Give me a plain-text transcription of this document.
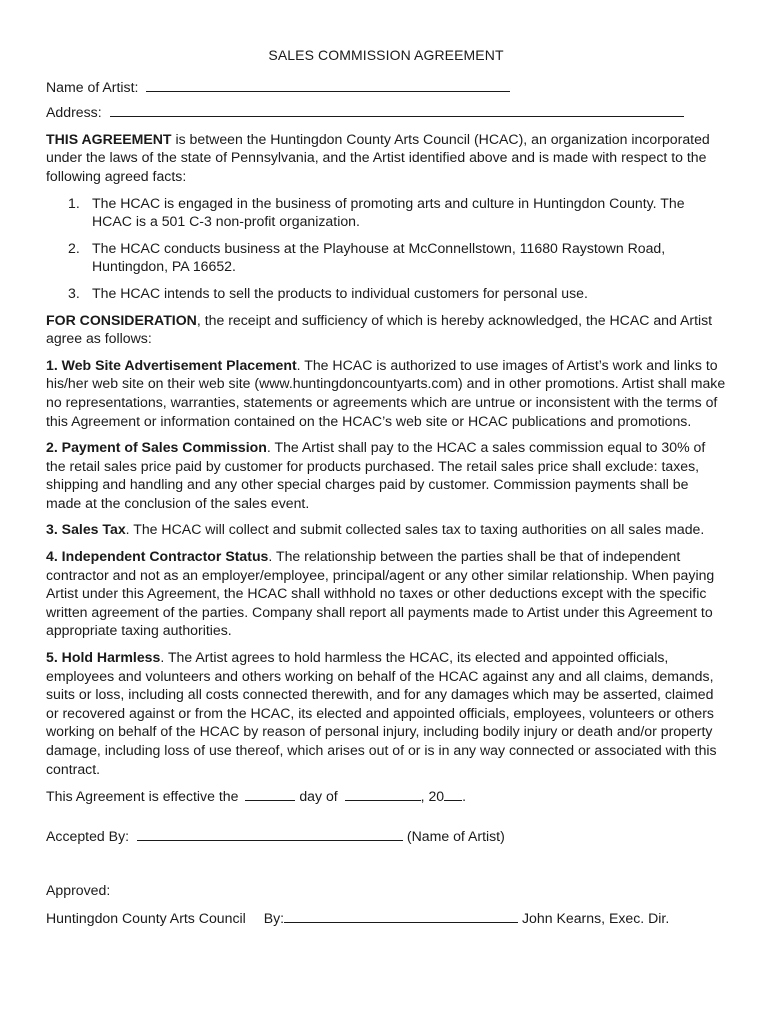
SALES COMMISSION AGREEMENT
Name of Artist:
Address:

THIS AGREEMENT is between the Huntingdon County Arts Council (HCAC), an organization incorporated under the laws of the state of Pennsylvania, and the Artist identified above and is made with respect to the following agreed facts:

1. The HCAC is engaged in the business of promoting arts and culture in Huntingdon County. The HCAC is a 501 C-3 non-profit organization.
2. The HCAC conducts business at the Playhouse at McConnellstown, 11680 Raystown Road, Huntingdon, PA 16652.
3. The HCAC intends to sell the products to individual customers for personal use.

FOR CONSIDERATION, the receipt and sufficiency of which is hereby acknowledged, the HCAC and Artist agree as follows:

1. Web Site Advertisement Placement. The HCAC is authorized to use images of Artist’s work and links to his/her web site on their web site (www.huntingdoncountyarts.com) and in other promotions. Artist shall make no representations, warranties, statements or agreements which are untrue or inconsistent with the terms of this Agreement or information contained on the HCAC’s web site or HCAC publications and promotions.

2. Payment of Sales Commission. The Artist shall pay to the HCAC a sales commission equal to 30% of the retail sales price paid by customer for products purchased. The retail sales price shall exclude: taxes, shipping and handling and any other special charges paid by customer. Commission payments shall be made at the conclusion of the sales event.

3. Sales Tax. The HCAC will collect and submit collected sales tax to taxing authorities on all sales made.

4. Independent Contractor Status. The relationship between the parties shall be that of independent contractor and not as an employer/employee, principal/agent or any other similar relationship. When paying Artist under this Agreement, the HCAC shall withhold no taxes or other deductions except with the specific written agreement of the parties. Company shall report all payments made to Artist under this Agreement to appropriate taxing authorities.

5. Hold Harmless. The Artist agrees to hold harmless the HCAC, its elected and appointed officials, employees and volunteers and others working on behalf of the HCAC against any and all claims, demands, suits or loss, including all costs connected therewith, and for any damages which may be asserted, claimed or recovered against or from the HCAC, its elected and appointed officials, employees, volunteers or others working on behalf of the HCAC by reason of personal injury, including bodily injury or death and/or property damage, including loss of use thereof, which arises out of or is in any way connected or associated with this contract.

This Agreement is effective the	day of	, 20 .
Accepted By:	(Name of Artist)
Approved:
Huntingdon County Arts Council By:	John Kearns, Exec. Dir.
